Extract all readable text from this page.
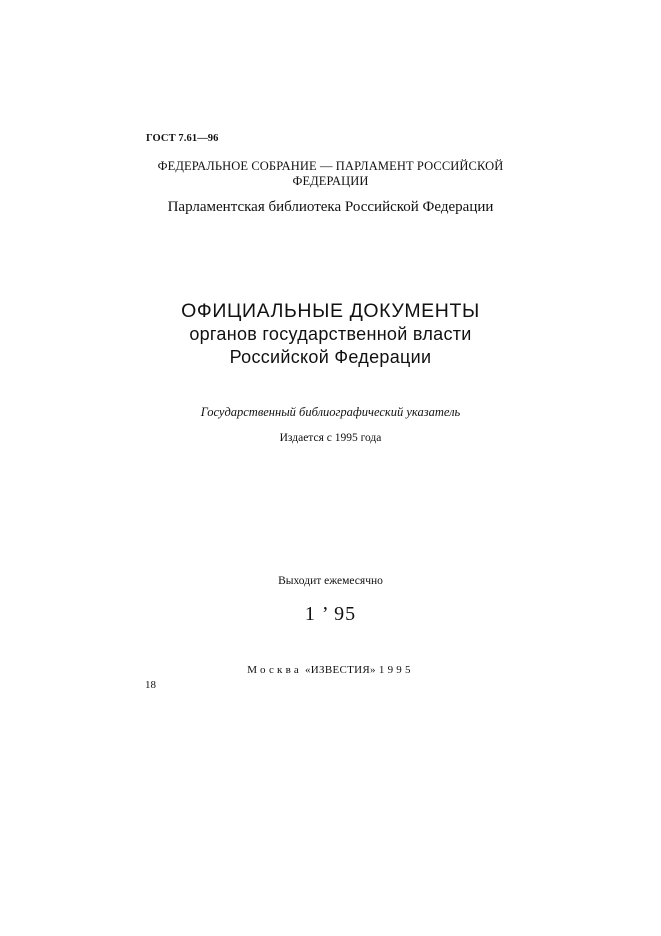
ГОСТ 7.61—96
ФЕДЕРАЛЬНОЕ СОБРАНИЕ — ПАРЛАМЕНТ РОССИЙСКОЙ
ФЕДЕРАЦИИ
Парламентская библиотека Российской Федерации
ОФИЦИАЛЬНЫЕ ДОКУМЕНТЫ
органов государственной власти
Российской Федерации
Государственный библиографический указатель
Издается с 1995 года
Выходит ежемесячно
1 ’ 95
Москва «ИЗВЕСТИЯ» 1995
18
